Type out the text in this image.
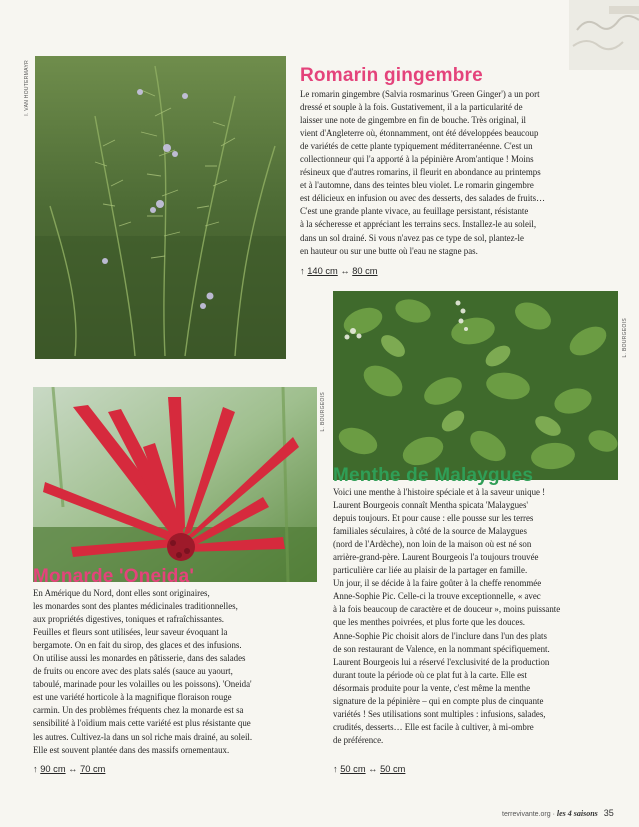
I. VAN HOUTERMAYR	Romarin gingembre
Le romarin gingembre (Salvia rosmarinus 'Green Ginger') a un port
dressé et souple à la fois. Gustativement, il a la particularité de
laisser une note de gingembre en fin de bouche. Très original, il
vient d'Angleterre où, étonnamment, ont été développées beaucoup
de variétés de cette plante typiquement méditerranéenne. C'est un
collectionneur qui l'a apporté à la pépinière Arom'antique ! Moins
résineux que d'autres romarins, il fleurit en abondance au printemps
et à l'automne, dans des teintes bleu violet. Le romarin gingembre
est délicieux en infusion ou avec des desserts, des salades de fruits…
C'est une grande plante vivace, au feuillage persistant, résistante
à la sécheresse et appréciant les terrains secs. Installez-le au soleil,
dans un sol drainé. Si vous n'avez pas ce type de sol, plantez-le
en hauteur ou sur une butte où l'eau ne stagne pas.
↑ 140 cm ↔ 80 cm
L. BOURGEOIS
L. BOURGEOIS
Menthe de Malaygues
Monarde 'Oneida'
Voici une menthe à l'histoire spéciale et à la saveur unique !
Laurent Bourgeois connaît Mentha spicata 'Malaygues'
depuis toujours. Et pour cause : elle pousse sur les terres
familiales séculaires, à côté de la source de Malaygues
(nord de l'Ardèche), non loin de la maison où est né son
arrière-grand-père. Laurent Bourgeois l'a toujours trouvée
particulière car liée au plaisir de la partager en famille.
Un jour, il se décide à la faire goûter à la cheffe renommée
Anne-Sophie Pic. Celle-ci la trouve exceptionnelle, « avec
à la fois beaucoup de caractère et de douceur », moins puissante
que les menthes poivrées, et plus forte que les douces.
Anne-Sophie Pic choisit alors de l'inclure dans l'un des plats
de son restaurant de Valence, en la nommant spécifiquement.
Laurent Bourgeois lui a réservé l'exclusivité de la production
durant toute la période où ce plat fut à la carte. Elle est
désormais produite pour la vente, c'est même la menthe
signature de la pépinière – qui en compte plus de cinquante
variétés ! Ses utilisations sont multiples : infusions, salades,
crudités, desserts… Elle est facile à cultiver, à mi-ombre
de préférence.
↑ 50 cm ↔ 50 cm
En Amérique du Nord, dont elles sont originaires,
les monardes sont des plantes médicinales traditionnelles,
aux propriétés digestives, toniques et rafraîchissantes.
Feuilles et fleurs sont utilisées, leur saveur évoquant la
bergamote. On en fait du sirop, des glaces et des infusions.
On utilise aussi les monardes en pâtisserie, dans des salades
de fruits ou encore avec des plats salés (sauce au yaourt,
taboulé, marinade pour les volailles ou les poissons). 'Oneida'
est une variété horticole à la magnifique floraison rouge
carmin. Un des problèmes fréquents chez la monarde est sa
sensibilité à l'oïdium mais cette variété est plus résistante que
les autres. Cultivez-la dans un sol riche mais drainé, au soleil.
Elle est souvent plantée dans des massifs ornementaux.
↑ 90 cm ↔ 70 cm
terrevivante.org · les 4 saisons 35
